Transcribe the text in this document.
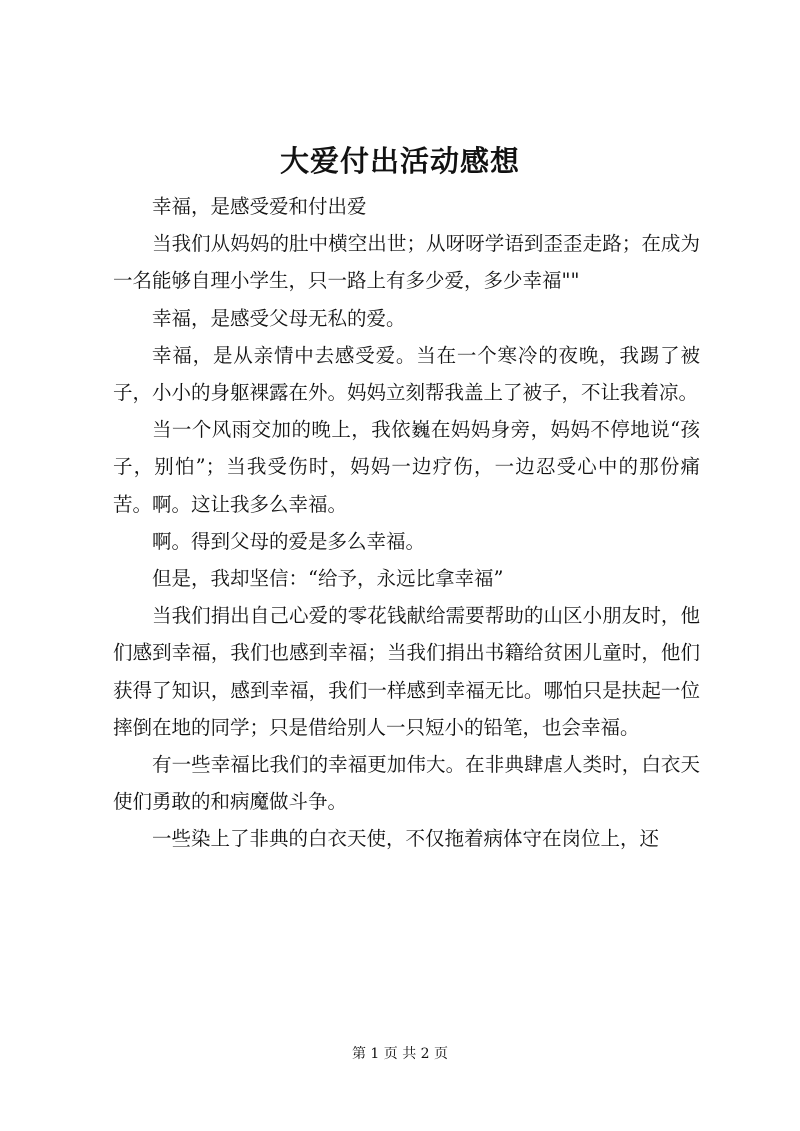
大爱付出活动感想

幸福，是感受爱和付出爱

当我们从妈妈的肚中横空出世；从呀呀学语到歪歪走路；在成为一名能够自理小学生，只一路上有多少爱，多少幸福""

幸福，是感受父母无私的爱。

幸福，是从亲情中去感受爱。当在一个寒冷的夜晚，我踢了被子，小小的身躯裸露在外。妈妈立刻帮我盖上了被子，不让我着凉。

当一个风雨交加的晚上，我依巍在妈妈身旁，妈妈不停地说“孩子，别怕”；当我受伤时，妈妈一边疗伤，一边忍受心中的那份痛苦。啊。这让我多么幸福。

啊。得到父母的爱是多么幸福。

但是，我却坚信：“给予，永远比拿幸福”

当我们捐出自己心爱的零花钱献给需要帮助的山区小朋友时，他们感到幸福，我们也感到幸福；当我们捐出书籍给贫困儿童时，他们获得了知识，感到幸福，我们一样感到幸福无比。哪怕只是扶起一位摔倒在地的同学；只是借给别人一只短小的铅笔，也会幸福。

有一些幸福比我们的幸福更加伟大。在非典肆虐人类时，白衣天使们勇敢的和病魔做斗争。

一些染上了非典的白衣天使，不仅拖着病体守在岗位上，还

第 1 页 共 2 页
